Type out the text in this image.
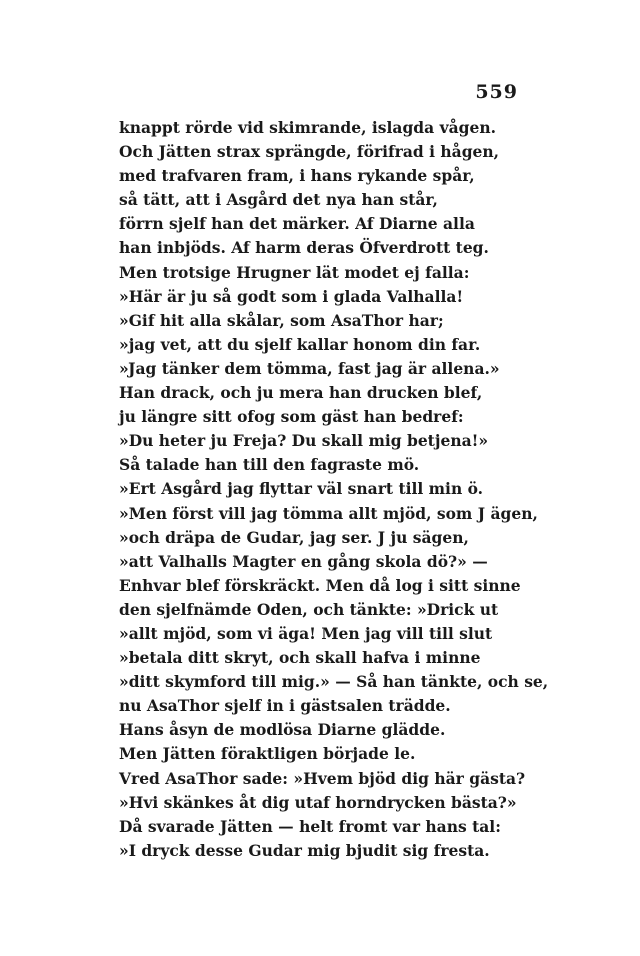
559
knappt rörde vid skimrande, islagda vågen.
Och Jätten strax sprängde, förifrad i hågen,
med trafvaren fram, i hans rykande spår,
så tätt, att i Asgård det nya han står,
förrn sjelf han det märker. Af Diarne alla
han inbjöds. Af harm deras Öfverdrott teg.
Men trotsige Hrugner lät modet ej falla:
»Här är ju så godt som i glada Valhalla!
»Gif hit alla skålar, som AsaThor har;
»jag vet, att du sjelf kallar honom din far.
»Jag tänker dem tömma, fast jag är allena.»
Han drack, och ju mera han drucken blef,
ju längre sitt ofog som gäst han bedref:
»Du heter ju Freja? Du skall mig betjena!»
Så talade han till den fagraste mö.
»Ert Asgård jag flyttar väl snart till min ö.
»Men först vill jag tömma allt mjöd, som J ägen,
»och dräpa de Gudar, jag ser. J ju sägen,
»att Valhalls Magter en gång skola dö?» —
Enhvar blef förskräckt. Men då log i sitt sinne
den sjelfnämde Oden, och tänkte: »Drick ut
»allt mjöd, som vi äga! Men jag vill till slut
»betala ditt skryt, och skall hafva i minne
»ditt skymford till mig.» — Så han tänkte, och se,
nu AsaThor sjelf in i gästsalen trädde.
Hans åsyn de modlösa Diarne glädde.
Men Jätten föraktligen började le.
Vred AsaThor sade: »Hvem bjöd dig här gästa?
»Hvi skänkes åt dig utaf horndrycken bästa?»
Då svarade Jätten — helt fromt var hans tal:
»I dryck desse Gudar mig bjudit sig fresta.
